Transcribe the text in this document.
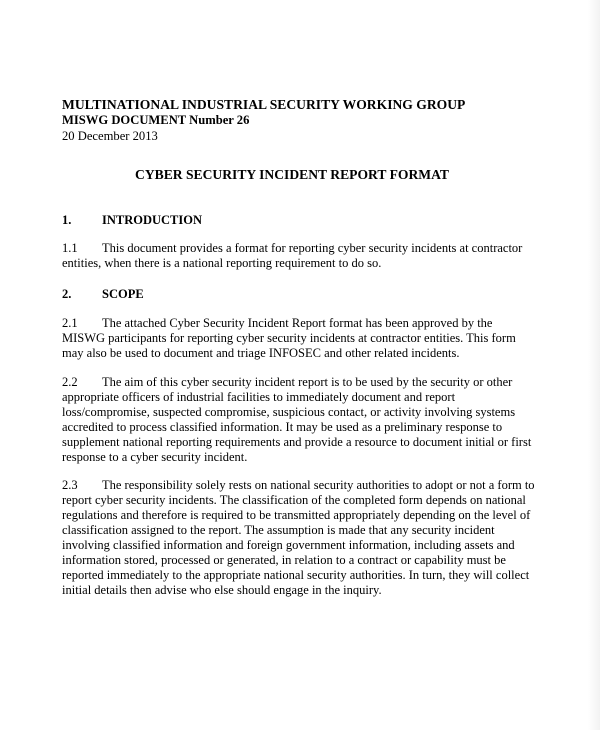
MULTINATIONAL INDUSTRIAL SECURITY WORKING GROUP
MISWG DOCUMENT Number 26
20 December 2013
CYBER SECURITY INCIDENT REPORT FORMAT
1. INTRODUCTION
1.1 This document provides a format for reporting cyber security incidents at contractor
entities, when there is a national reporting requirement to do so.
2. SCOPE
2.1 The attached Cyber Security Incident Report format has been approved by the
MISWG participants for reporting cyber security incidents at contractor entities. This form
may also be used to document and triage INFOSEC and other related incidents.
2.2 The aim of this cyber security incident report is to be used by the security or other
appropriate officers of industrial facilities to immediately document and report
loss/compromise, suspected compromise, suspicious contact, or activity involving systems
accredited to process classified information. It may be used as a preliminary response to
supplement national reporting requirements and provide a resource to document initial or first
response to a cyber security incident.
2.3 The responsibility solely rests on national security authorities to adopt or not a form to
report cyber security incidents. The classification of the completed form depends on national
regulations and therefore is required to be transmitted appropriately depending on the level of
classification assigned to the report. The assumption is made that any security incident
involving classified information and foreign government information, including assets and
information stored, processed or generated, in relation to a contract or capability must be
reported immediately to the appropriate national security authorities. In turn, they will collect
initial details then advise who else should engage in the inquiry.
